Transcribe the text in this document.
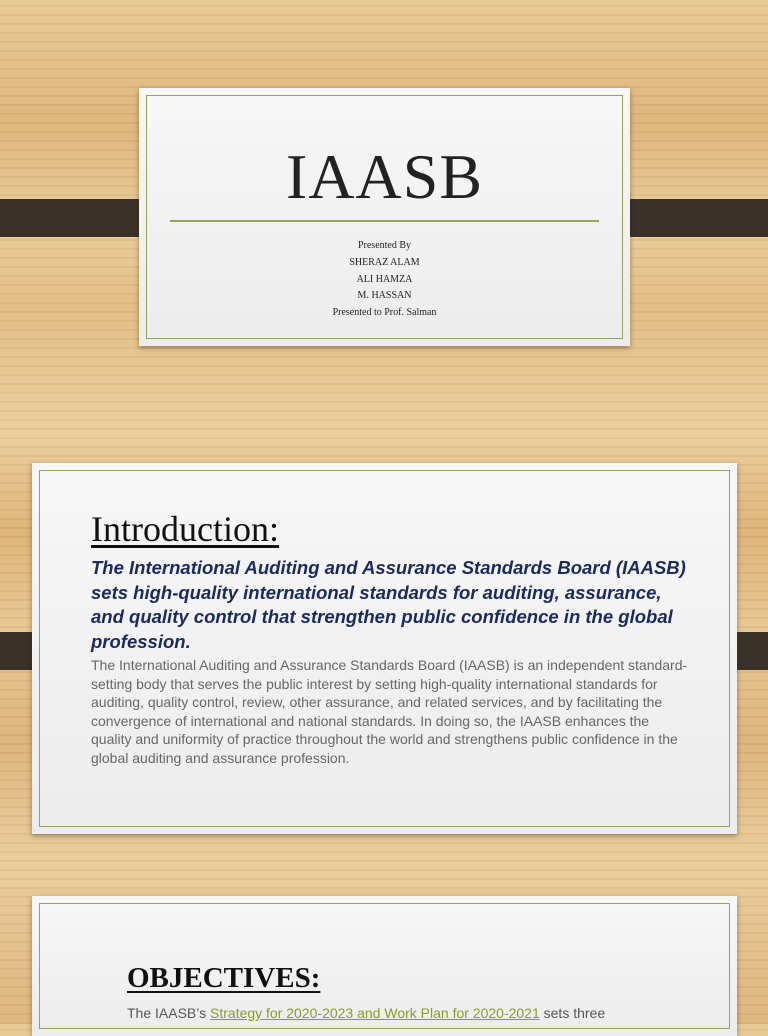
IAASB
Presented By
SHERAZ ALAM
ALI HAMZA
M. HASSAN
Presented to Prof. Salman
Introduction:
The International Auditing and Assurance Standards Board (IAASB) sets high-quality international standards for auditing, assurance, and quality control that strengthen public confidence in the global profession.
The International Auditing and Assurance Standards Board (IAASB) is an independent standard-setting body that serves the public interest by setting high-quality international standards for auditing, quality control, review, other assurance, and related services, and by facilitating the convergence of international and national standards. In doing so, the IAASB enhances the quality and uniformity of practice throughout the world and strengthens public confidence in the global auditing and assurance profession.
OBJECTIVES:
The IAASB’s Strategy for 2020-2023 and Work Plan for 2020-2021 sets three
